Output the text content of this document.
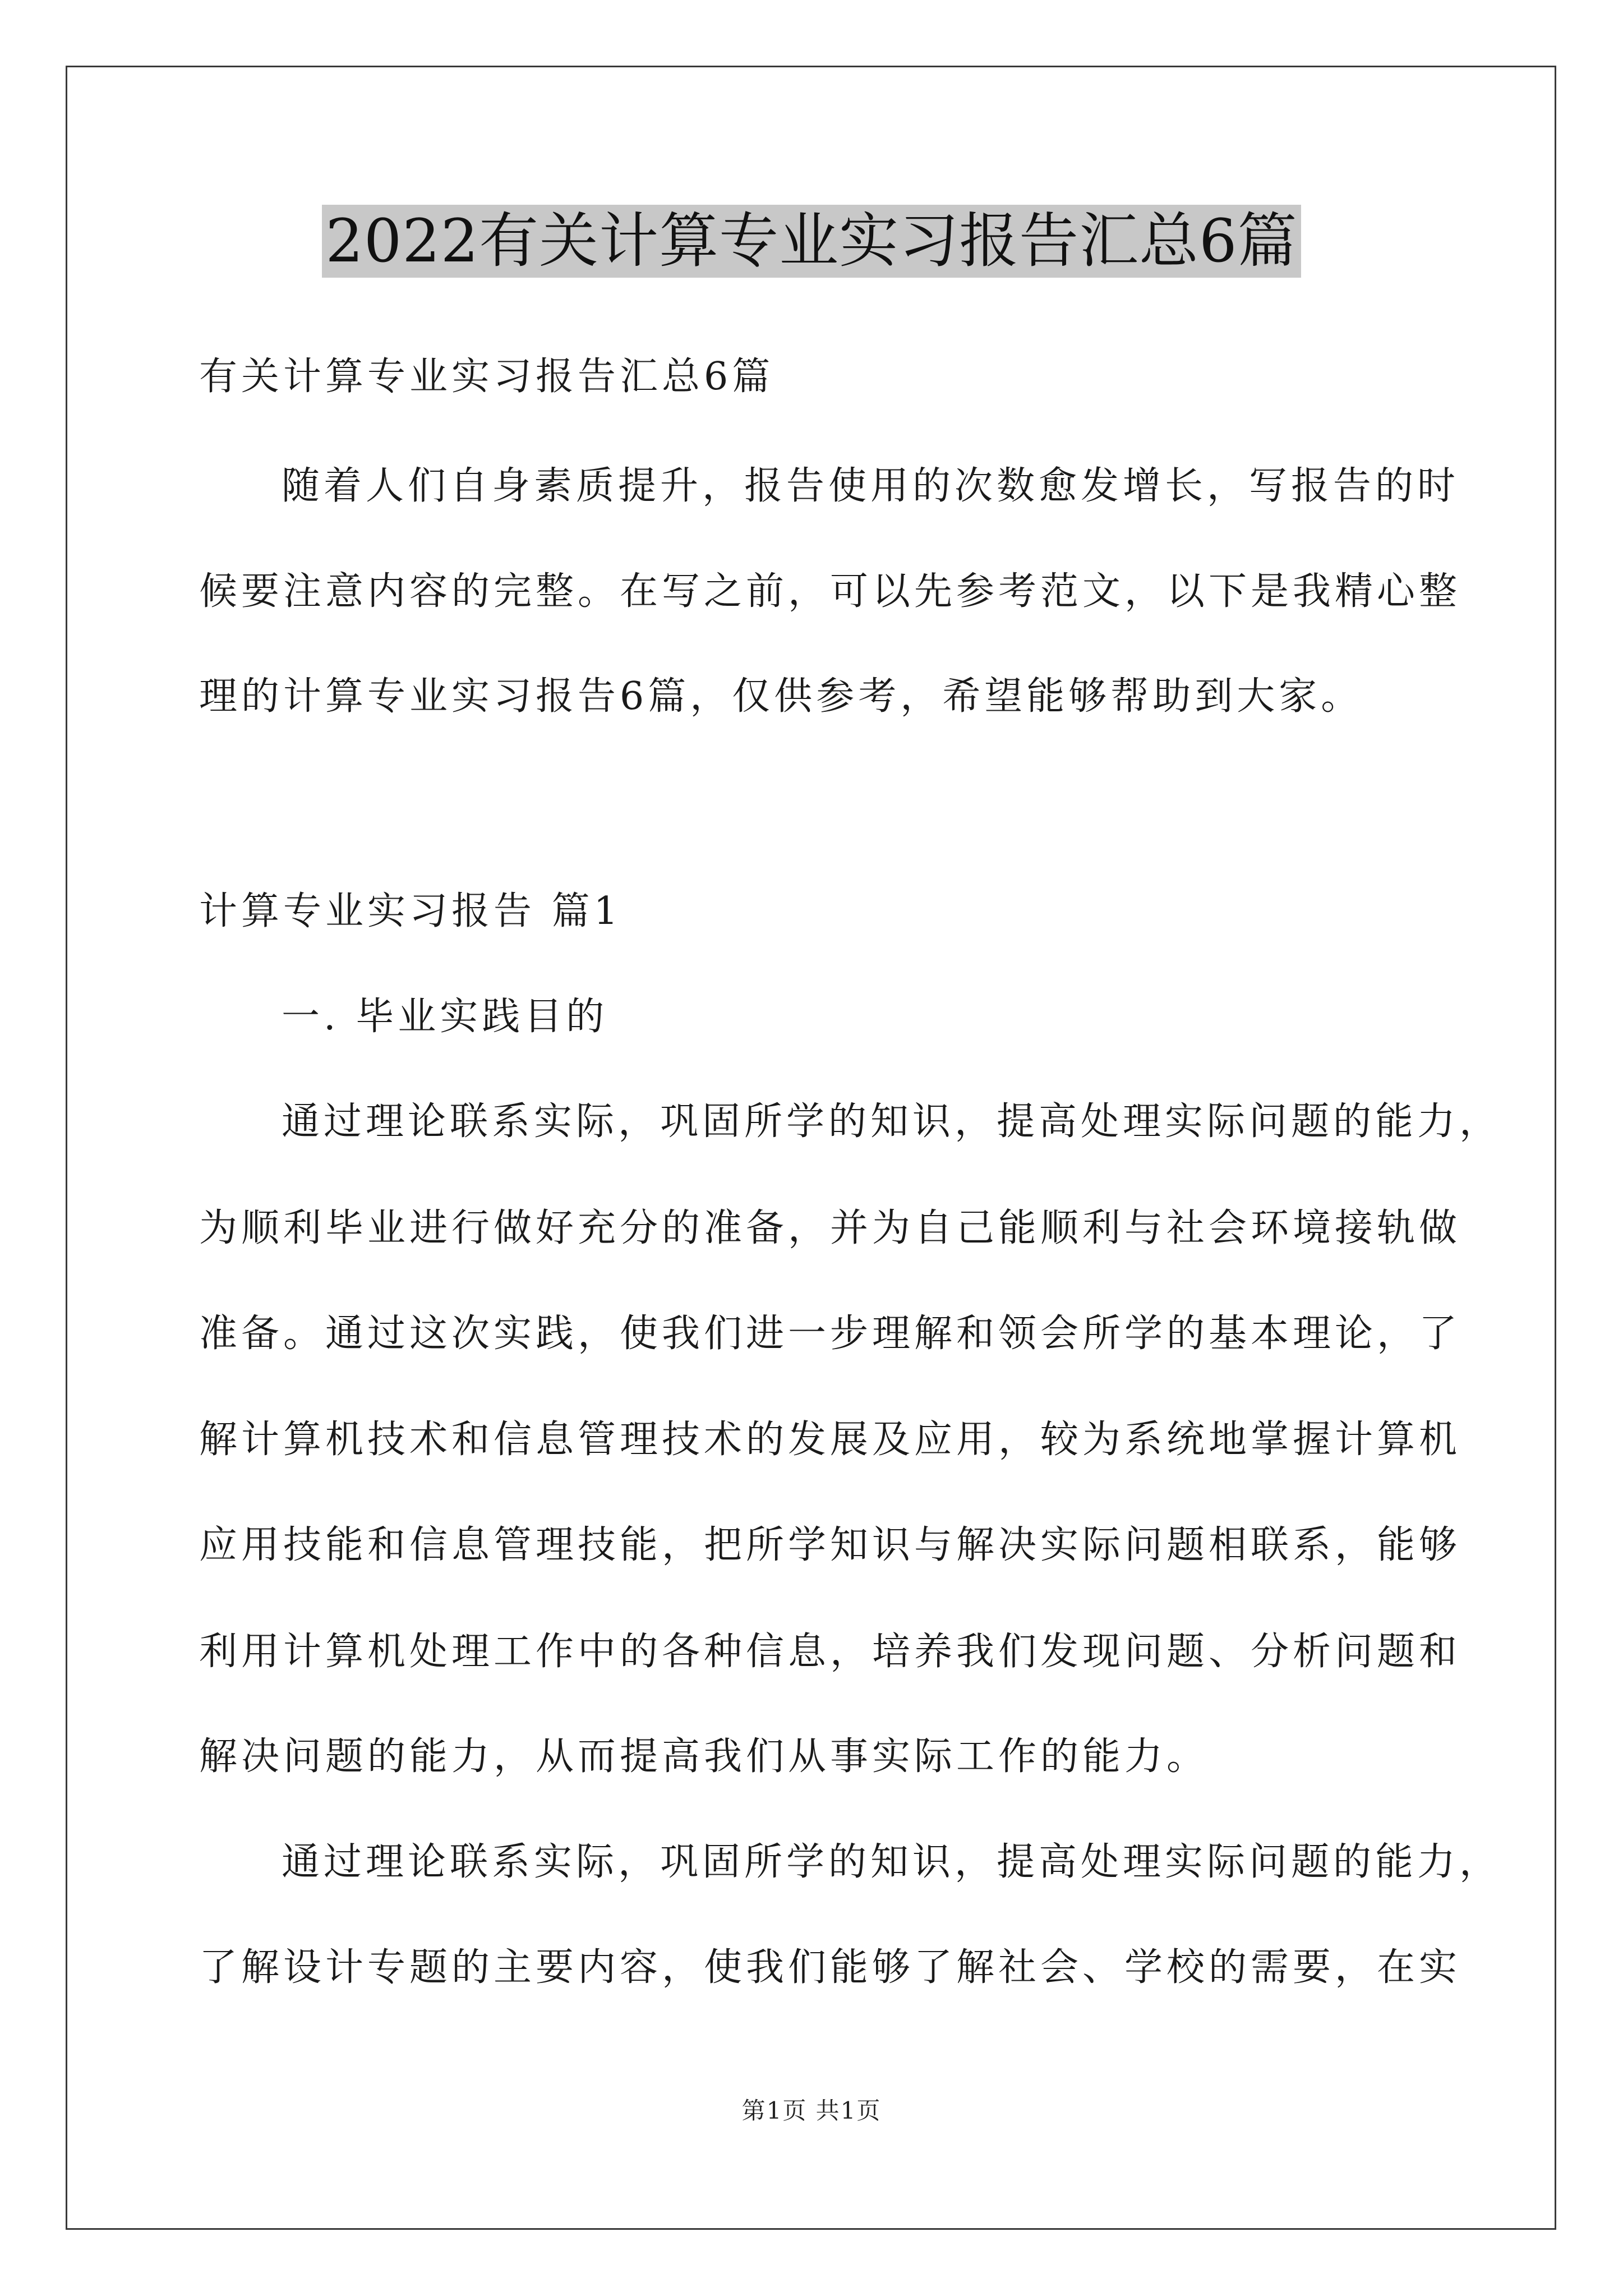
2022有关计算专业实习报告汇总6篇
有关计算专业实习报告汇总6篇
随着人们自身素质提升，报告使用的次数愈发增长，写报告的时
候要注意内容的完整。在写之前，可以先参考范文，以下是我精心整
理的计算专业实习报告6篇，仅供参考，希望能够帮助到大家。
计算专业实习报告 篇1
一. 毕业实践目的
通过理论联系实际，巩固所学的知识，提高处理实际问题的能力，
为顺利毕业进行做好充分的准备，并为自己能顺利与社会环境接轨做
准备。通过这次实践，使我们进一步理解和领会所学的基本理论，了
解计算机技术和信息管理技术的发展及应用，较为系统地掌握计算机
应用技能和信息管理技能，把所学知识与解决实际问题相联系，能够
利用计算机处理工作中的各种信息，培养我们发现问题、分析问题和
解决问题的能力，从而提高我们从事实际工作的能力。
通过理论联系实际，巩固所学的知识，提高处理实际问题的能力，
了解设计专题的主要内容，使我们能够了解社会、学校的需要，在实
第1页 共1页
